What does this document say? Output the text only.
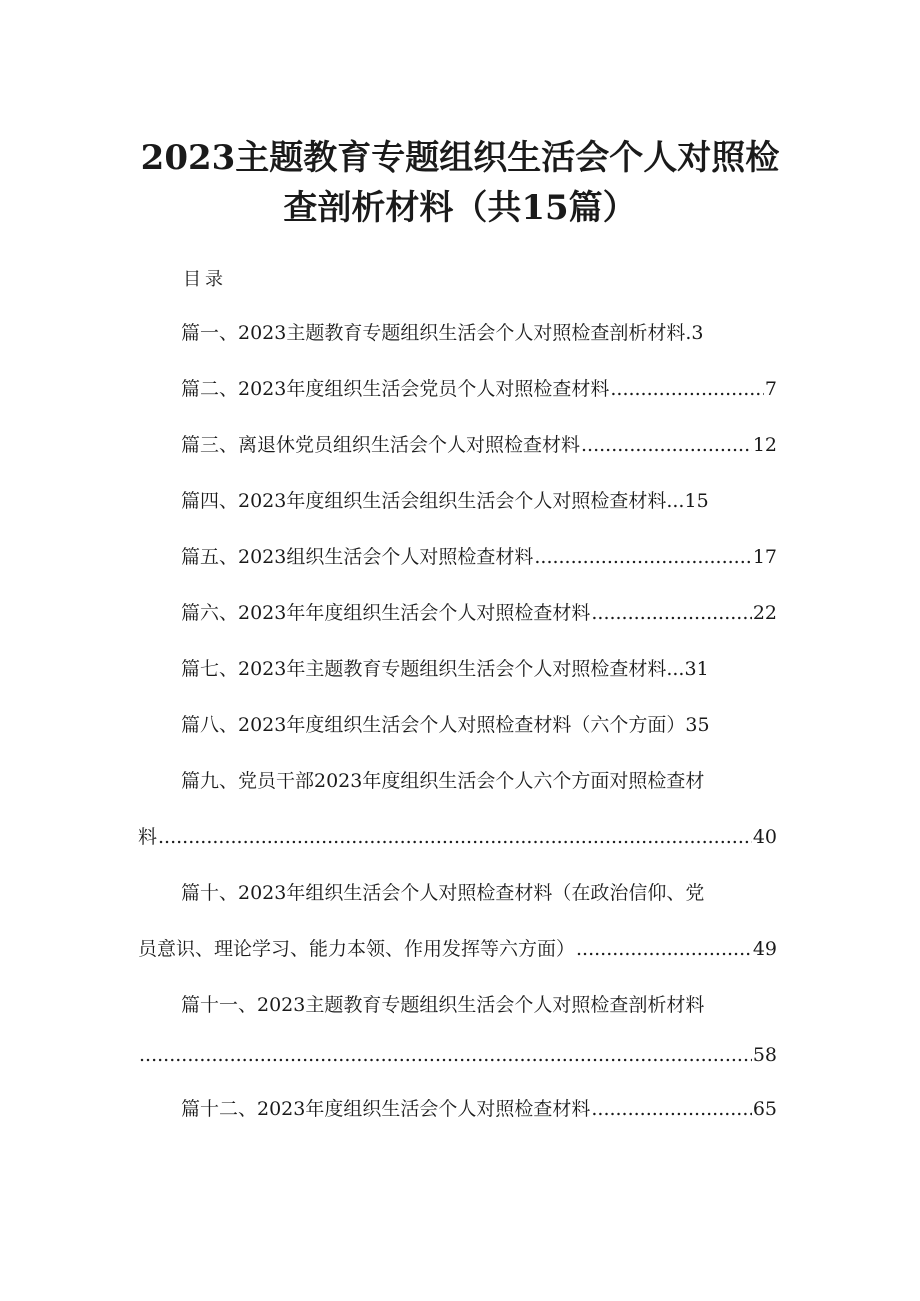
2023主题教育专题组织生活会个人对照检
查剖析材料（共15篇）

目录

篇一、2023主题教育专题组织生活会个人对照检查剖析材料. 3
篇二、2023年度组织生活会党员个人对照检查材料 .....	7
篇三、离退休党员组织生活会个人对照检查材料 .....	12
篇四、2023年度组织生活会组织生活会个人对照检查材料... 15
篇五、2023组织生活会个人对照检查材料 .....	17
篇六、2023年年度组织生活会个人对照检查材料 .....	22
篇七、2023年主题教育专题组织生活会个人对照检查材料... 31
篇八、2023年度组织生活会个人对照检查材料（六个方面） 35
篇九、党员干部2023年度组织生活会个人六个方面对照检查材
料 .....	40
篇十、2023年组织生活会个人对照检查材料（在政治信仰、党
员意识、理论学习、能力本领、作用发挥等六方面） .....	49
篇十一、2023主题教育专题组织生活会个人对照检查剖析材料
.....
58
篇十二、2023年度组织生活会个人对照检查材料 .....	65
